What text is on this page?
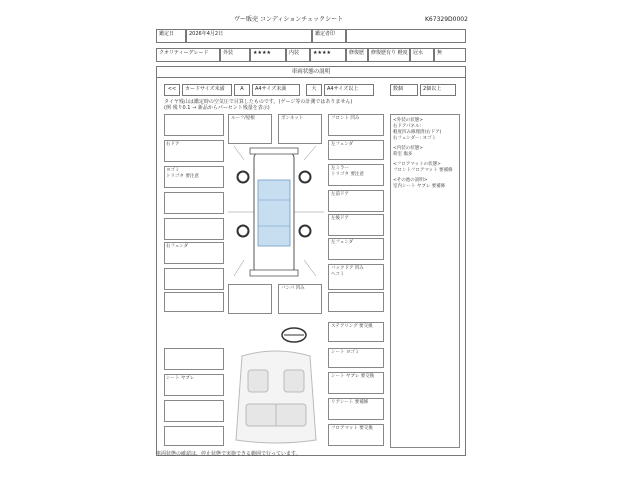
ヴー販売 コンディションチェックシート	K67329D0002
鑑定日	2026年4月2日	鑑定者印
クオリティーグレード	外装	★★★★	内装	★★★★	修復歴	修復歴有り 軽度	冠水	無
車両状態の説明
<<	カードサイズ未満	A	A4サイズ未満	大	A4サイズ以上	数個	2個以上
タイヤ残山は鑑定時の空気圧で目算したものです。(ゲージ等の計測ではありません)
(例 残り0.1 → 新品からパーセント残量を表示)
右ドア
ヨゴミ
トリゴタ 要注意
右フェンダ
ルーフ/屋根	ボンネット
バンパ 凹み
フロント 凹み
左フェンダ
左ミラー
トリゴタ 要注意
左前ドア
左後ドア
左フェンダ
バックドア 凹み
ヘコミ
<外装の状態>
右ドアパネル:
軽度凹み修理済(右ドア)
右フェンダー: ヨゴミ
<内装の状態>
荷室 傷多
<フロアマットの状態>
フロントフロアマット 要補修
<その他の説明>
室内シート ヤブレ 要補修
シート ヤブレ
ステアリング 要交換
シート ヨゴミ
シート ヤブレ 要交換
リアシート 要補修
フロアマット 要交換
車両状態の確認は、停止状態で実施できる範囲で行っています。
